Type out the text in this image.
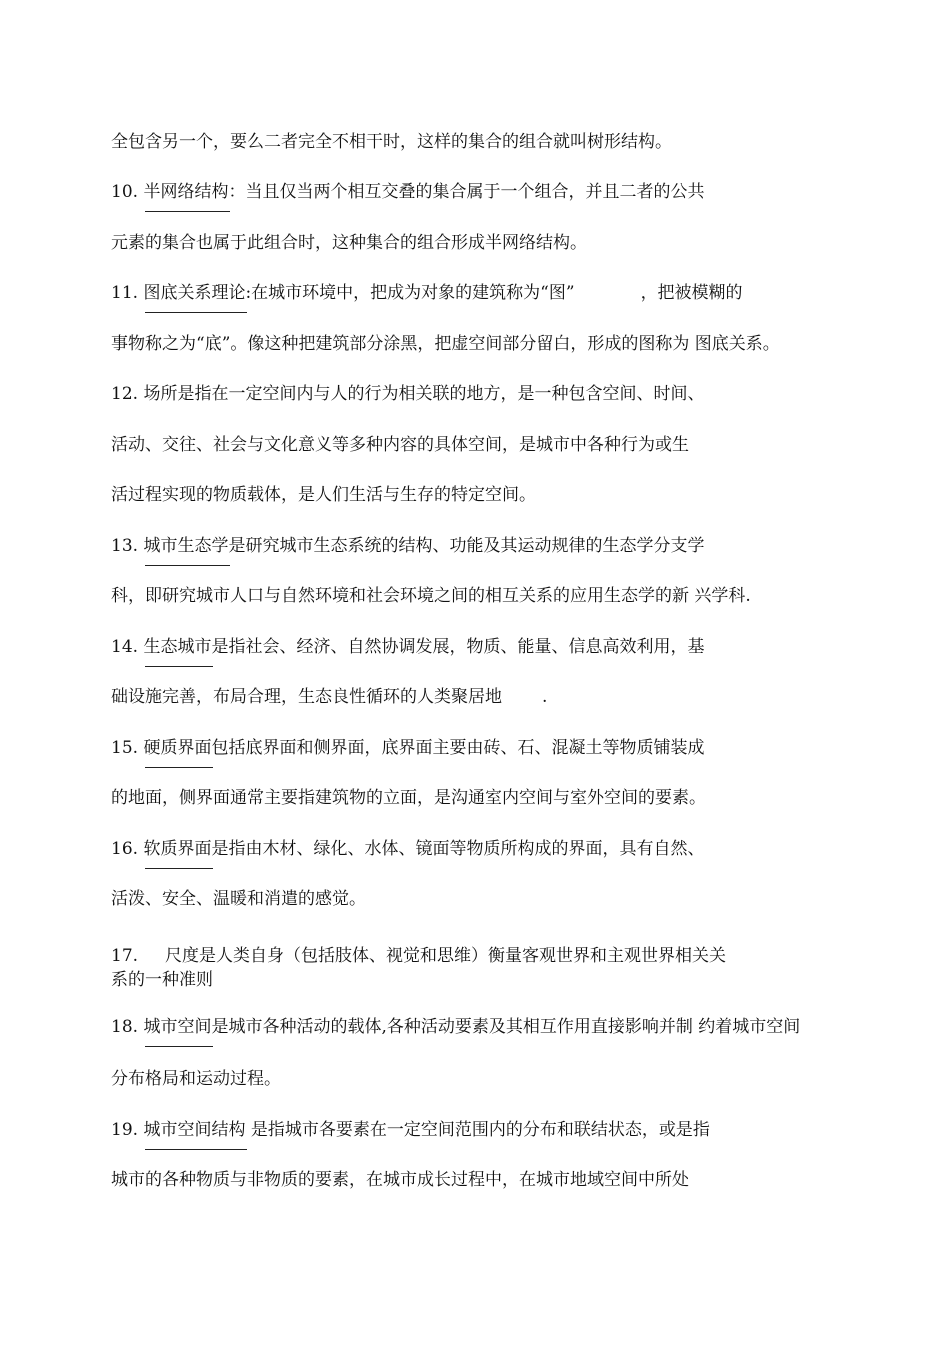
全包含另一个，要么二者完全不相干时，这样的集合的组合就叫树形结构。
10. 半网络结构：当且仅当两个相互交叠的集合属于一个组合，并且二者的公共
元素的集合也属于此组合时，这种集合的组合形成半网络结构。
11. 图底关系理论:在城市环境中，把成为对象的建筑称为“图”	，把被模糊的
事物称之为“底”。像这种把建筑部分涂黑，把虚空间部分留白，形成的图称为 图底关系。
12. 场所是指在一定空间内与人的行为相关联的地方，是一种包含空间、时间、
活动、交往、社会与文化意义等多种内容的具体空间，是城市中各种行为或生
活过程实现的物质载体，是人们生活与生存的特定空间。
13. 城市生态学是研究城市生态系统的结构、功能及其运动规律的生态学分支学
科，即研究城市人口与自然环境和社会环境之间的相互关系的应用生态学的新 兴学科.
14. 生态城市是指社会、经济、自然协调发展，物质、能量、信息高效利用，基
础设施完善，布局合理，生态良性循环的人类聚居地 .
15. 硬质界面包括底界面和侧界面，底界面主要由砖、石、混凝土等物质铺装成
的地面，侧界面通常主要指建筑物的立面，是沟通室内空间与室外空间的要素。
16. 软质界面是指由木材、绿化、水体、镜面等物质所构成的界面，具有自然、
活泼、安全、温暖和消遣的感觉。
17.     尺度是人类自身（包括肢体、视觉和思维）衡量客观世界和主观世界相关关
系的一种准则
18. 城市空间是城市各种活动的载体,各种活动要素及其相互作用直接影响并制 约着城市空间
分布格局和运动过程。
19. 城市空间结构 是指城市各要素在一定空间范围内的分布和联结状态，或是指
城市的各种物质与非物质的要素，在城市成长过程中，在城市地域空间中所处
